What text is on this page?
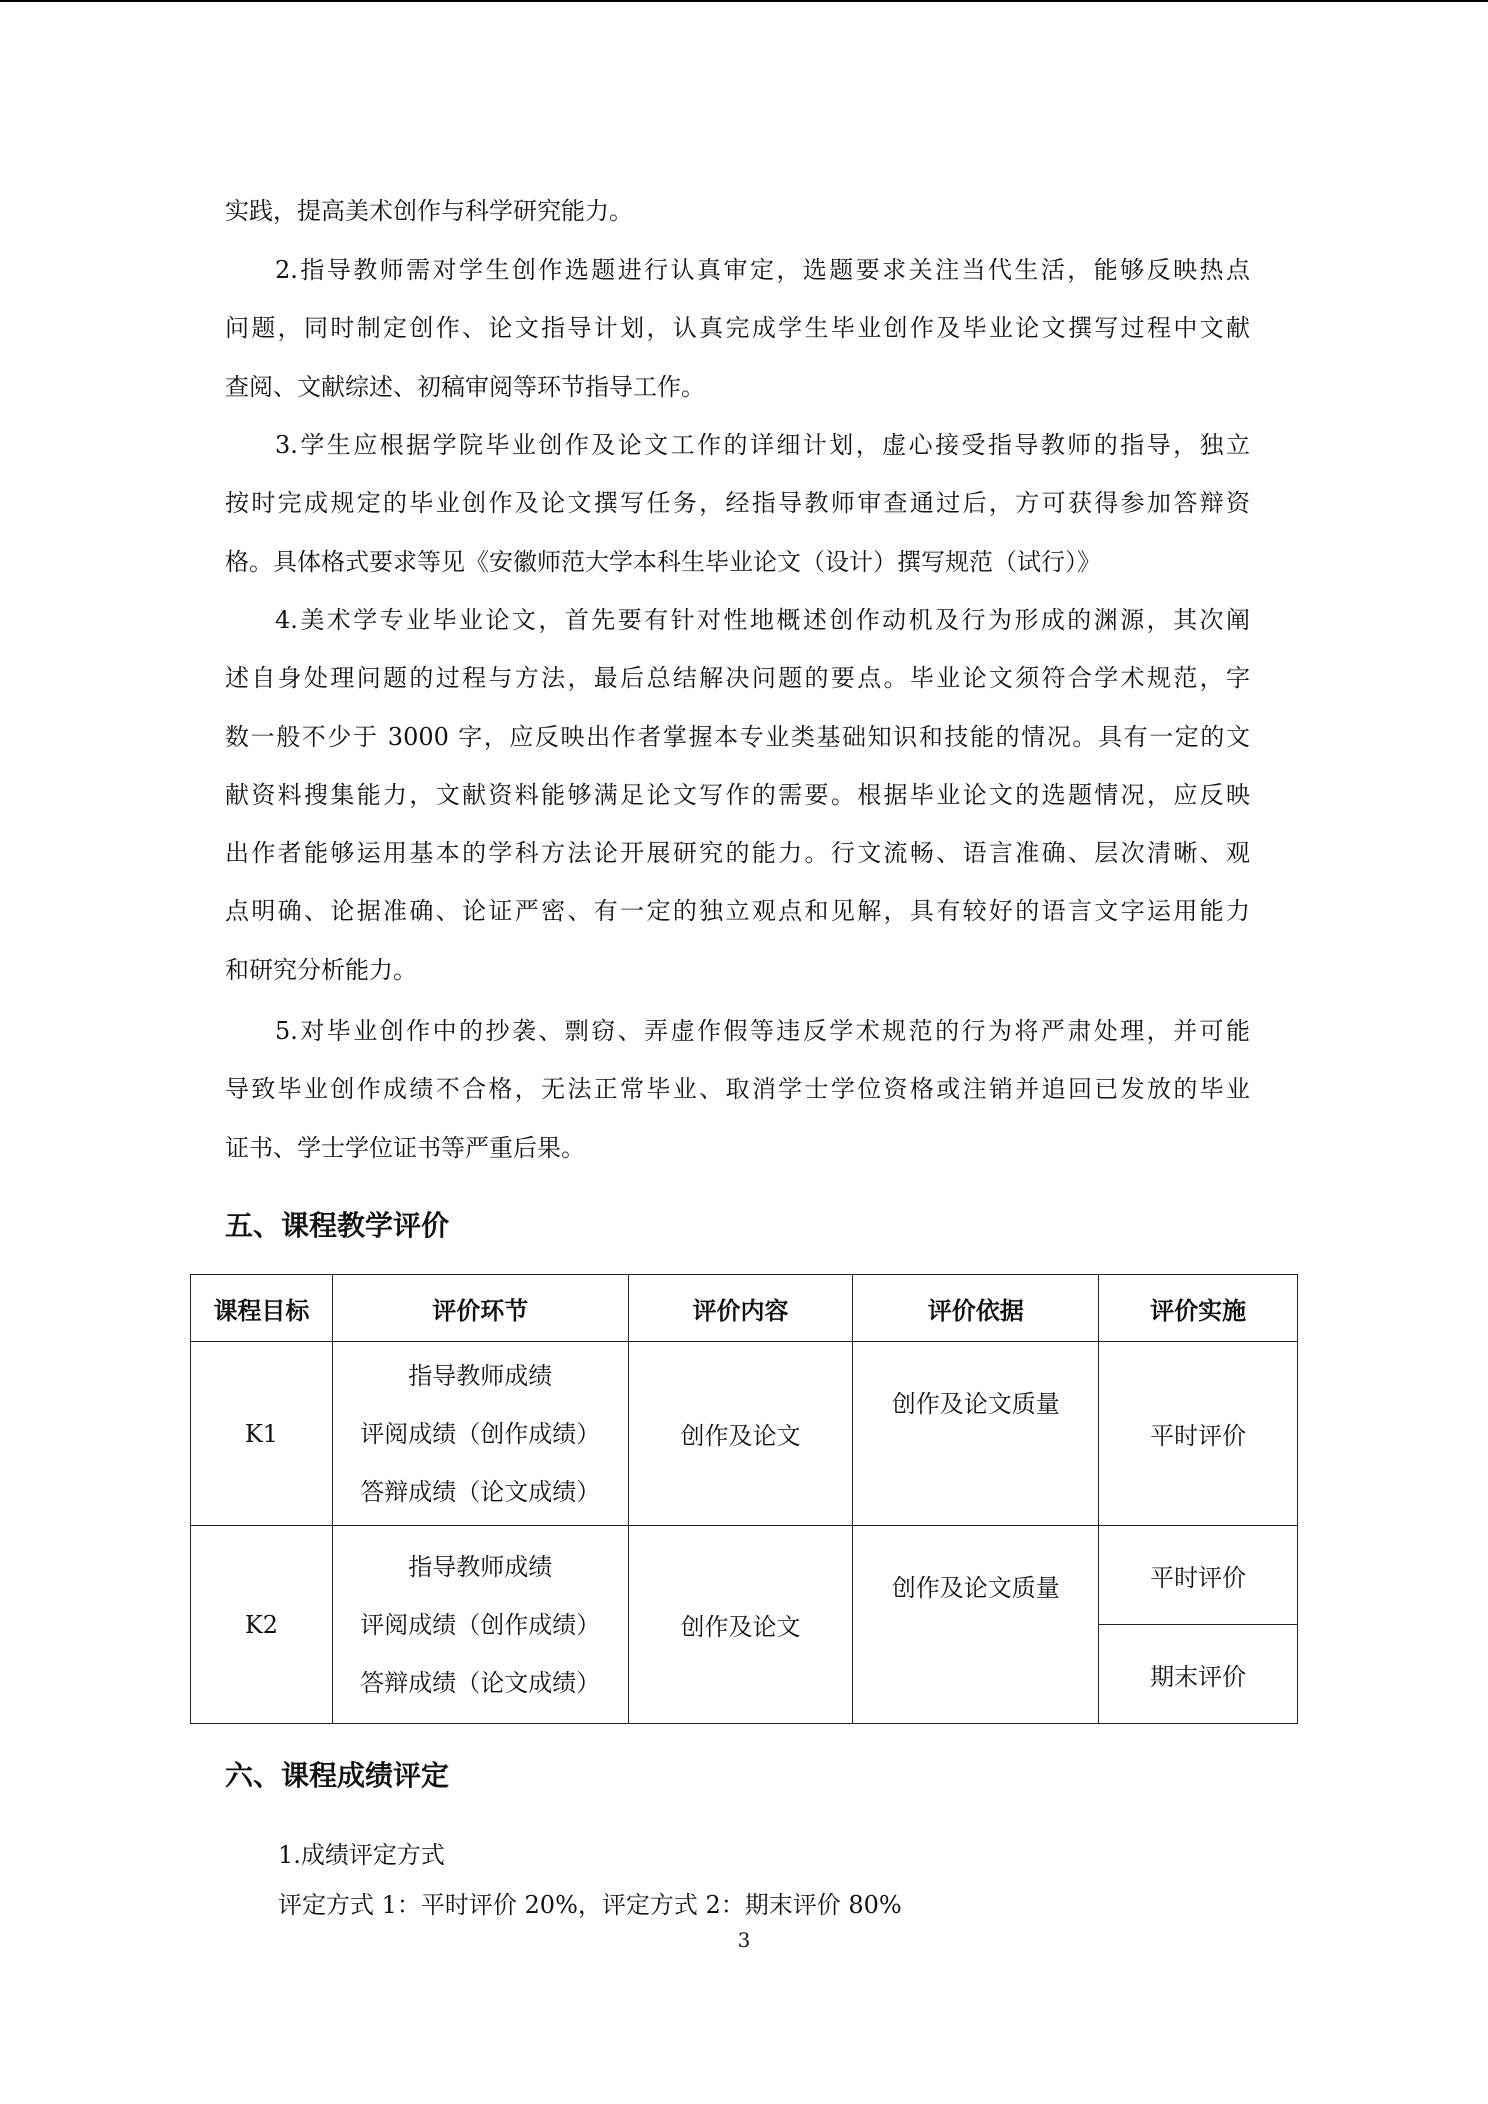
实践，提高美术创作与科学研究能力。
2.指导教师需对学生创作选题进行认真审定，选题要求关注当代生活，能够反映热点
问题，同时制定创作、论文指导计划，认真完成学生毕业创作及毕业论文撰写过程中文献
查阅、文献综述、初稿审阅等环节指导工作。
3.学生应根据学院毕业创作及论文工作的详细计划，虚心接受指导教师的指导，独立
按时完成规定的毕业创作及论文撰写任务，经指导教师审查通过后，方可获得参加答辩资
格。具体格式要求等见《安徽师范大学本科生毕业论文（设计）撰写规范（试行）》
4.美术学专业毕业论文，首先要有针对性地概述创作动机及行为形成的渊源，其次阐
述自身处理问题的过程与方法，最后总结解决问题的要点。毕业论文须符合学术规范，字
数一般不少于 3000 字，应反映出作者掌握本专业类基础知识和技能的情况。具有一定的文
献资料搜集能力，文献资料能够满足论文写作的需要。根据毕业论文的选题情况，应反映
出作者能够运用基本的学科方法论开展研究的能力。行文流畅、语言准确、层次清晰、观
点明确、论据准确、论证严密、有一定的独立观点和见解，具有较好的语言文字运用能力
和研究分析能力。
5.对毕业创作中的抄袭、剽窃、弄虚作假等违反学术规范的行为将严肃处理，并可能
导致毕业创作成绩不合格，无法正常毕业、取消学士学位资格或注销并追回已发放的毕业
证书、学士学位证书等严重后果。
五、课程教学评价
课程目标	评价环节	评价内容	评价依据	评价实施
K1	指导教师成绩
评阅成绩（创作成绩）
答辩成绩（论文成绩）	创作及论文	创作及论文质量	平时评价
K2	指导教师成绩
评阅成绩（创作成绩）
答辩成绩（论文成绩）	创作及论文	创作及论文质量	平时评价
				期末评价
六、课程成绩评定

1.成绩评定方式

评定方式 1：平时评价 20%，评定方式 2：期末评价 80%

3
